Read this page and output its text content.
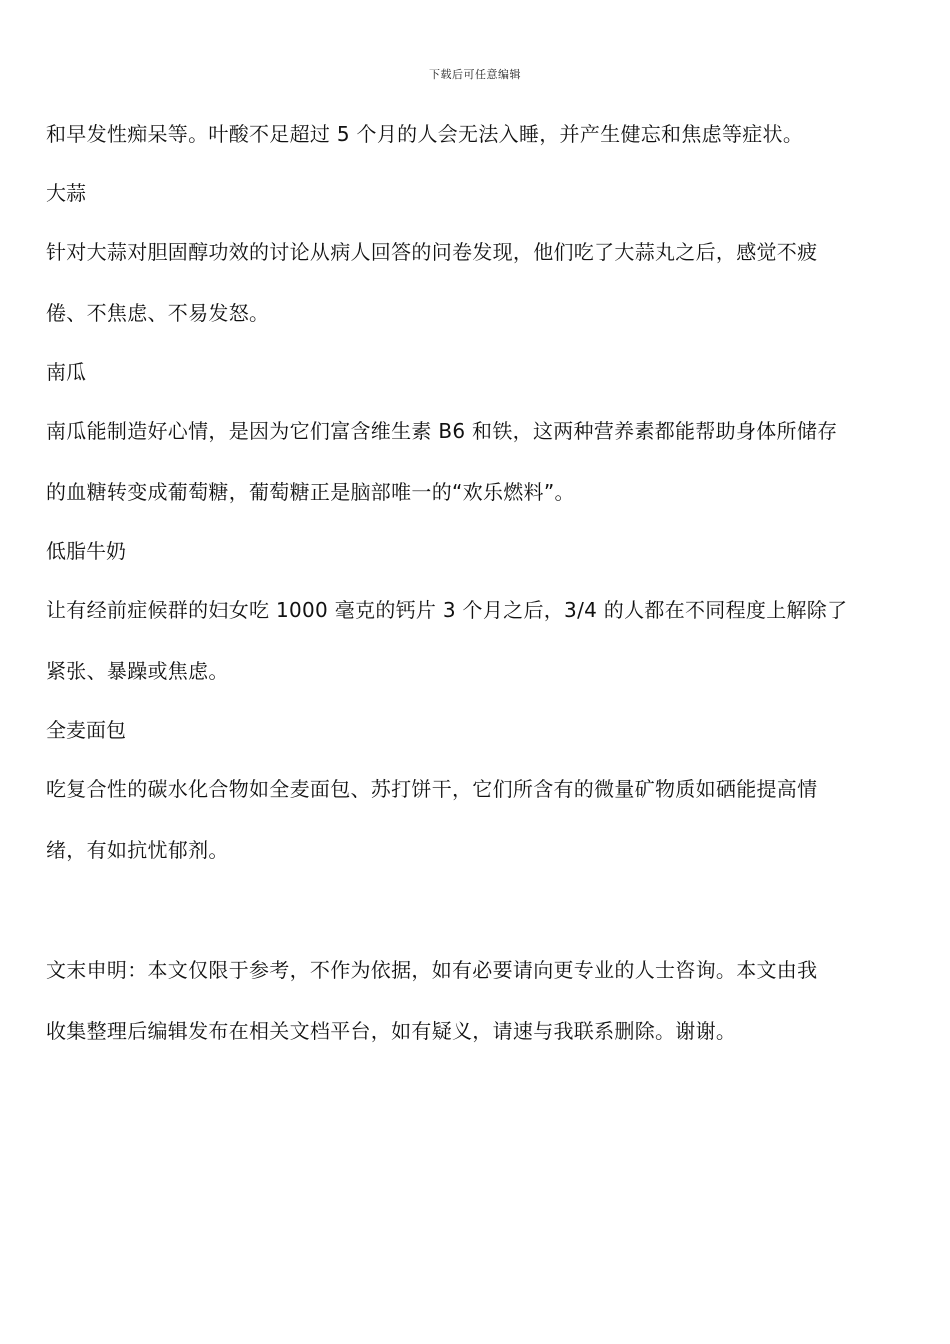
下载后可任意编辑
和早发性痴呆等。叶酸不足超过 5 个月的人会无法入睡，并产生健忘和焦虑等症状。
大蒜
针对大蒜对胆固醇功效的讨论从病人回答的问卷发现，他们吃了大蒜丸之后，感觉不疲
倦、不焦虑、不易发怒。
南瓜
南瓜能制造好心情，是因为它们富含维生素 B6 和铁，这两种营养素都能帮助身体所储存
的血糖转变成葡萄糖，葡萄糖正是脑部唯一的“欢乐燃料”。
低脂牛奶
让有经前症候群的妇女吃 1000 毫克的钙片 3 个月之后，3/4 的人都在不同程度上解除了
紧张、暴躁或焦虑。
全麦面包
吃复合性的碳水化合物如全麦面包、苏打饼干，它们所含有的微量矿物质如硒能提高情
绪，有如抗忧郁剂。
文末申明：本文仅限于参考，不作为依据，如有必要请向更专业的人士咨询。本文由我
收集整理后编辑发布在相关文档平台，如有疑义，请速与我联系删除。谢谢。
